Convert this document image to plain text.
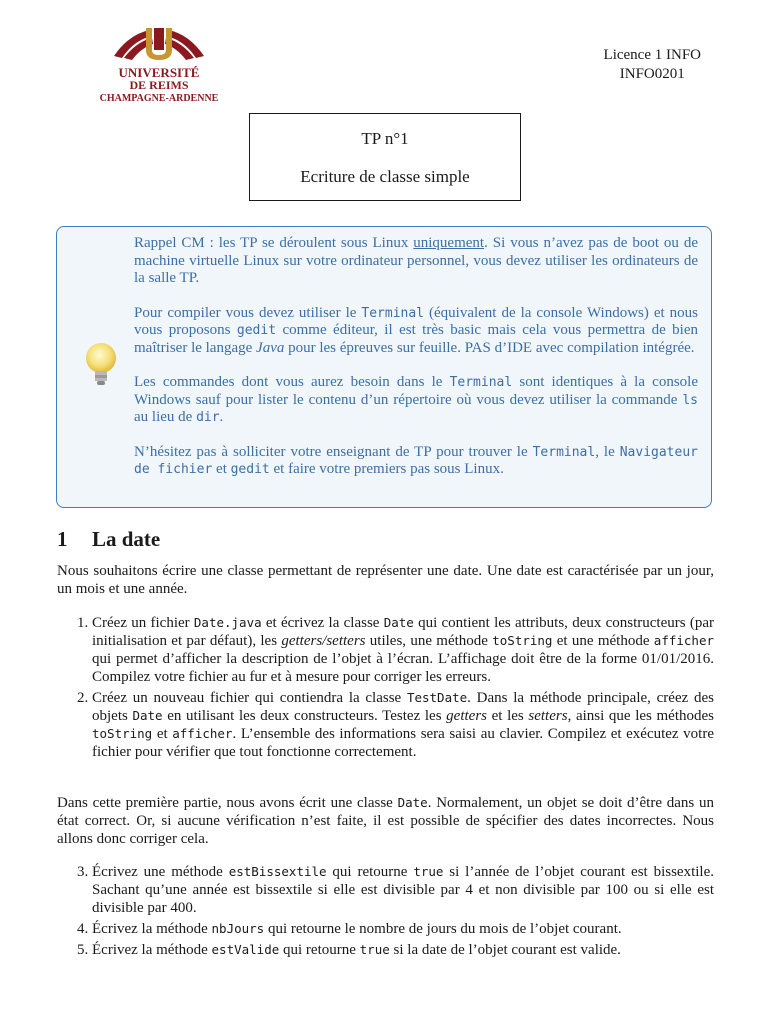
UNIVERSITÉ
DE REIMS
CHAMPAGNE-ARDENNE
Licence 1 INFO
INFO0201
TP n°1
Ecriture de classe simple

Rappel CM : les TP se déroulent sous Linux uniquement. Si vous n’avez pas de boot ou de machine virtuelle Linux sur votre ordinateur personnel, vous devez utiliser les ordinateurs de la salle TP.

Pour compiler vous devez utiliser le Terminal (équivalent de la console Windows) et nous vous proposons gedit comme éditeur, il est très basic mais cela vous permettra de bien maîtriser le langage Java pour les épreuves sur feuille. PAS d’IDE avec compilation intégrée.

Les commandes dont vous aurez besoin dans le Terminal sont identiques à la console Windows sauf pour lister le contenu d’un répertoire où vous devez utiliser la commande ls au lieu de dir.

N’hésitez pas à solliciter votre enseignant de TP pour trouver le Terminal, le Navigateur de fichier et gedit et faire votre premiers pas sous Linux.

1 La date

Nous souhaitons écrire une classe permettant de représenter une date. Une date est caractérisée par un jour, un mois et une année.

1. Créez un fichier Date.java et écrivez la classe Date qui contient les attributs, deux constructeurs (par initialisation et par défaut), les getters/setters utiles, une méthode toString et une méthode afficher qui permet d’afficher la description de l’objet à l’écran. L’affichage doit être de la forme 01/01/2016. Compilez votre fichier au fur et à mesure pour corriger les erreurs.
2. Créez un nouveau fichier qui contiendra la classe TestDate. Dans la méthode principale, créez des objets Date en utilisant les deux constructeurs. Testez les getters et les setters, ainsi que les méthodes toString et afficher. L’ensemble des informations sera saisi au clavier. Compilez et exécutez votre fichier pour vérifier que tout fonctionne correctement.

Dans cette première partie, nous avons écrit une classe Date. Normalement, un objet se doit d’être dans un état correct. Or, si aucune vérification n’est faite, il est possible de spécifier des dates incorrectes. Nous allons donc corriger cela.

3. Écrivez une méthode estBissextile qui retourne true si l’année de l’objet courant est bissextile. Sachant qu’une année est bissextile si elle est divisible par 4 et non divisible par 100 ou si elle est divisible par 400.
4. Écrivez la méthode nbJours qui retourne le nombre de jours du mois de l’objet courant.
5. Écrivez la méthode estValide qui retourne true si la date de l’objet courant est valide.
